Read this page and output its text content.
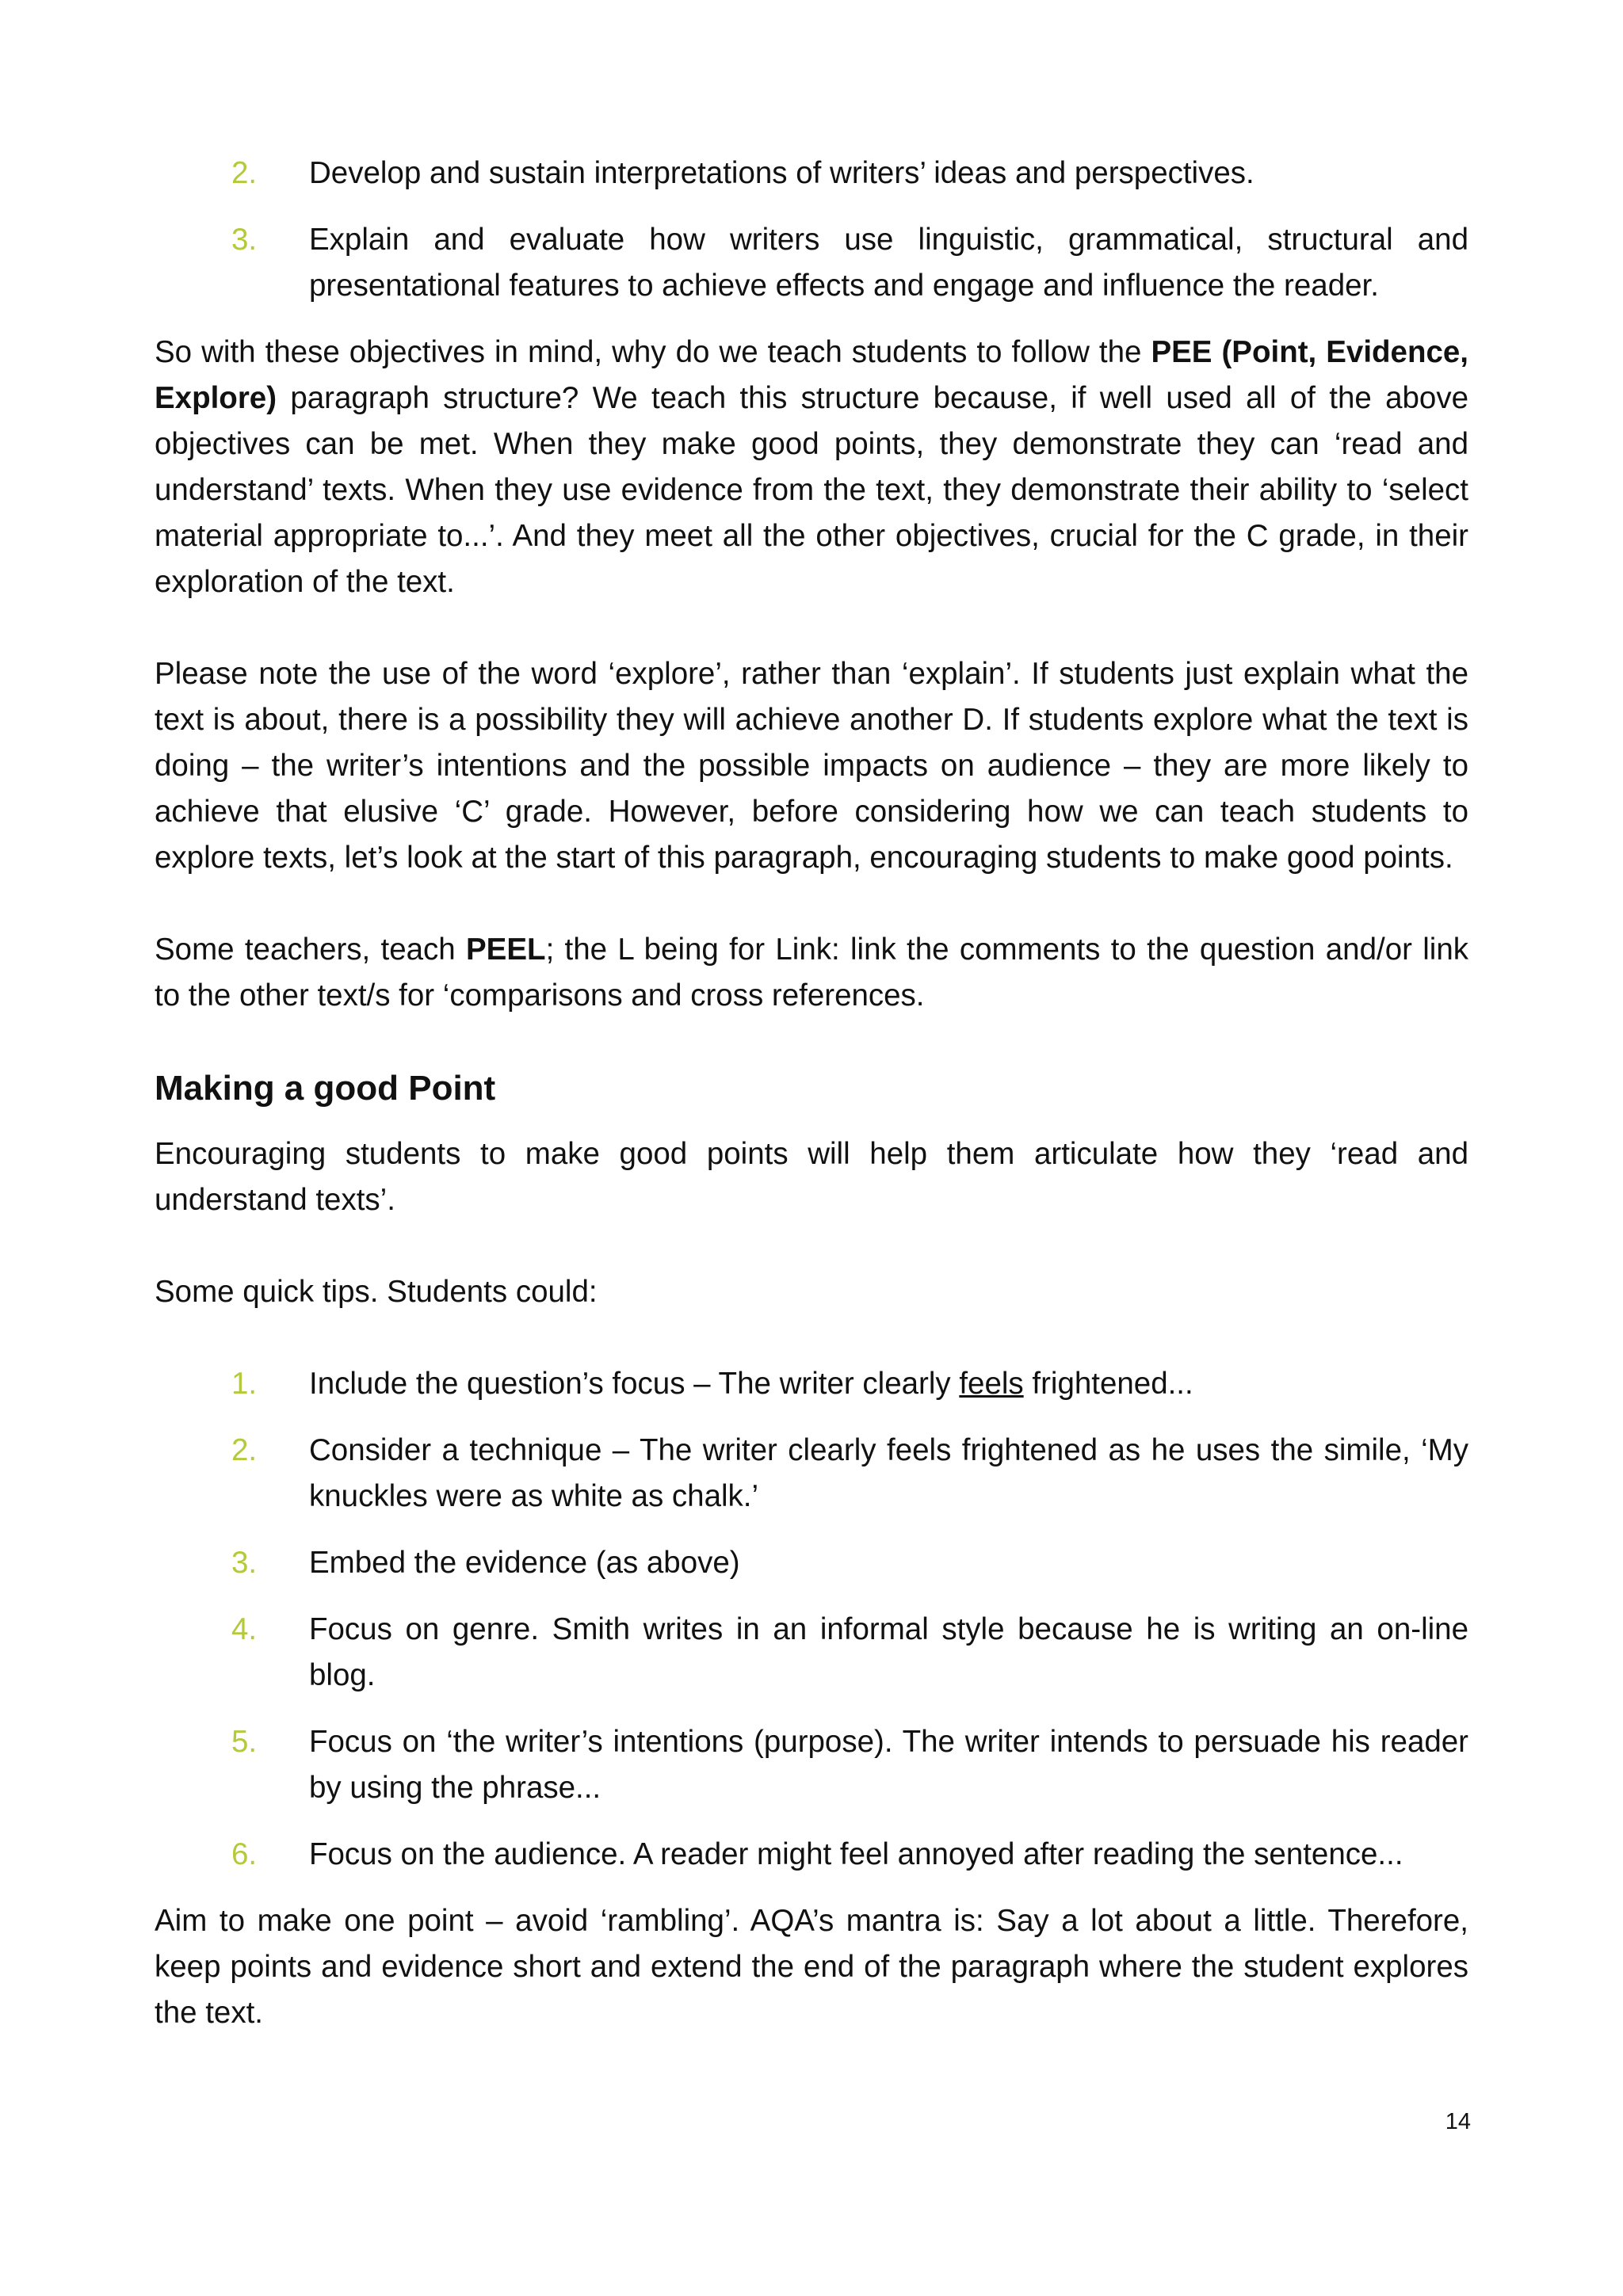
2. Develop and sustain interpretations of writers’ ideas and perspectives.
3. Explain and evaluate how writers use linguistic, grammatical, structural and presentational features to achieve effects and engage and influence the reader.

So with these objectives in mind, why do we teach students to follow the PEE (Point, Evidence, Explore) paragraph structure? We teach this structure because, if well used all of the above objectives can be met. When they make good points, they demonstrate they can ‘read and understand’ texts. When they use evidence from the text, they demonstrate their ability to ‘select material appropriate to...’. And they meet all the other objectives, crucial for the C grade, in their exploration of the text.

Please note the use of the word ‘explore’, rather than ‘explain’. If students just explain what the text is about, there is a possibility they will achieve another D. If students explore what the text is doing – the writer’s intentions and the possible impacts on audience – they are more likely to achieve that elusive ‘C’ grade. However, before considering how we can teach students to explore texts, let’s look at the start of this paragraph, encouraging students to make good points.

Some teachers, teach PEEL; the L being for Link: link the comments to the question and/or link to the other text/s for ‘comparisons and cross references.

Making a good Point

Encouraging students to make good points will help them articulate how they ‘read and understand texts’.

Some quick tips. Students could:

1. Include the question’s focus – The writer clearly feels frightened...
2. Consider a technique – The writer clearly feels frightened as he uses the simile, ‘My knuckles were as white as chalk.’
3. Embed the evidence (as above)
4. Focus on genre. Smith writes in an informal style because he is writing an on-line blog.
5. Focus on ‘the writer’s intentions (purpose). The writer intends to persuade his reader by using the phrase...
6. Focus on the audience. A reader might feel annoyed after reading the sentence...

Aim to make one point – avoid ‘rambling’. AQA’s mantra is: Say a lot about a little. Therefore, keep points and evidence short and extend the end of the paragraph where the student explores the text.

14
